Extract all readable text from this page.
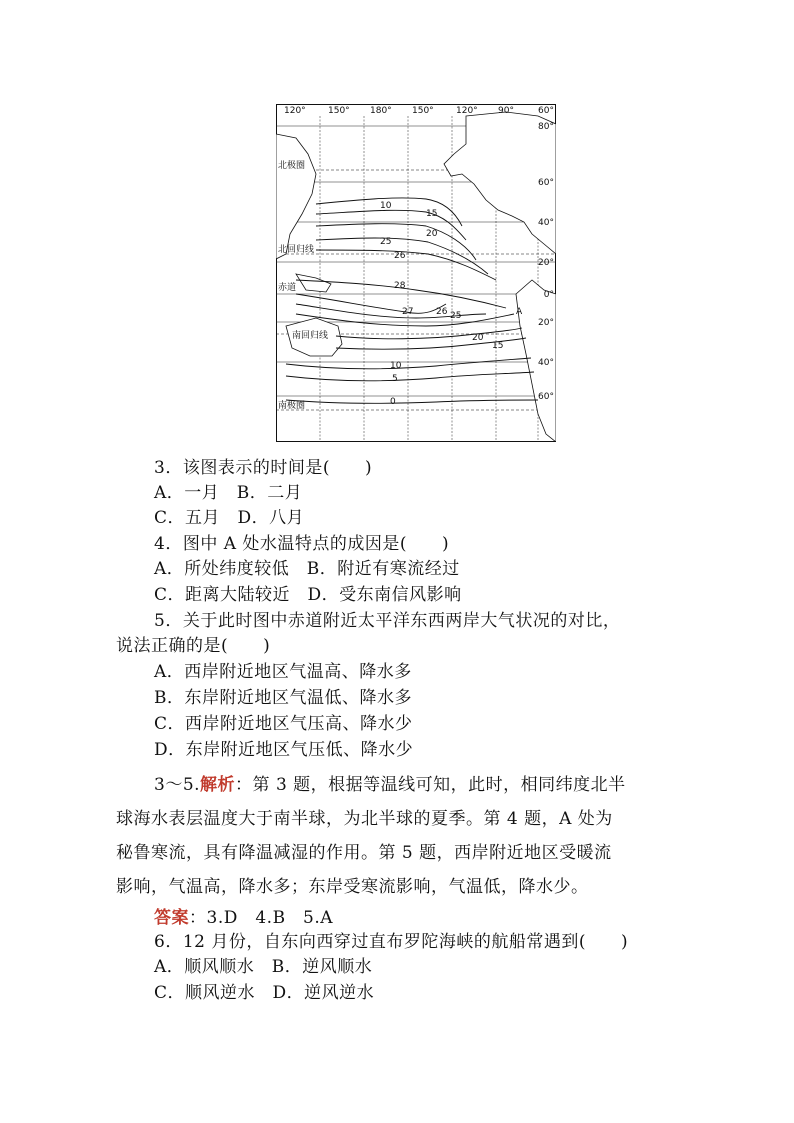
120° 150° 180° 150° 120° 90°	60°
80°
60°
40°
20°
0°
20°
40°
60°
北极圈
北回归线
赤道
南回归线
南极圈
10
15
20
25
26
28
27	26 25
20
15
10
5
0
A
3．该图表示的时间是(　　)
A．一月　B．二月
C．五月　D．八月
4．图中 A 处水温特点的成因是(　　)
A．所处纬度较低　B．附近有寒流经过
C．距离大陆较近　D．受东南信风影响
5．关于此时图中赤道附近太平洋东西两岸大气状况的对比，
说法正确的是(　　)
A．西岸附近地区气温高、降水多
B．东岸附近地区气温低、降水多
C．西岸附近地区气压高、降水少
D．东岸附近地区气压低、降水少
3～5.解析：第 3 题，根据等温线可知，此时，相同纬度北半
球海水表层温度大于南半球，为北半球的夏季。第 4 题，A 处为
秘鲁寒流，具有降温减湿的作用。第 5 题，西岸附近地区受暖流
影响，气温高，降水多；东岸受寒流影响，气温低，降水少。
答案：3.D　4.B　5.A
6．12 月份，自东向西穿过直布罗陀海峡的航船常遇到(　　)
A．顺风顺水　B．逆风顺水
C．顺风逆水　D．逆风逆水
